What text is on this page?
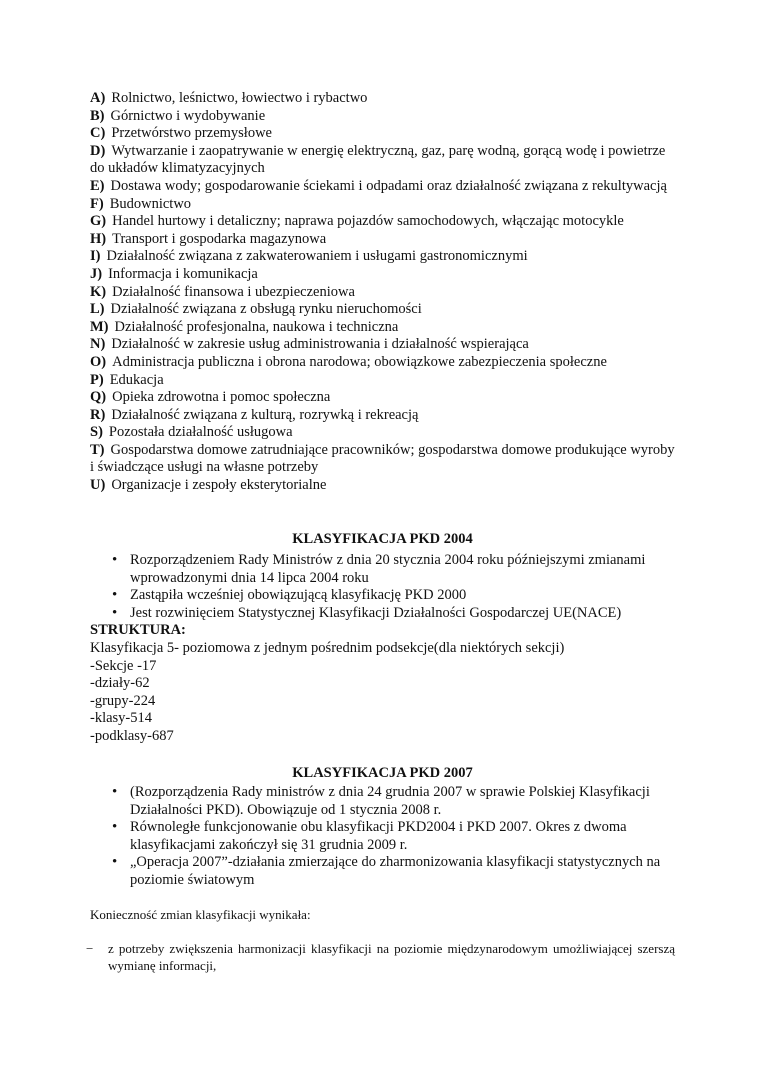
A) Rolnictwo, leśnictwo, łowiectwo i rybactwo
B) Górnictwo i wydobywanie
C) Przetwórstwo przemysłowe
D) Wytwarzanie i zaopatrywanie w energię elektryczną, gaz, parę wodną, gorącą wodę i powietrze do układów klimatyzacyjnych
E) Dostawa wody; gospodarowanie ściekami i odpadami oraz działalność związana z rekultywacją
F) Budownictwo
G) Handel hurtowy i detaliczny; naprawa pojazdów samochodowych, włączając motocykle
H) Transport i gospodarka magazynowa
I) Działalność związana z zakwaterowaniem i usługami gastronomicznymi
J) Informacja i komunikacja
K) Działalność finansowa i ubezpieczeniowa
L) Działalność związana z obsługą rynku nieruchomości
M) Działalność profesjonalna, naukowa i techniczna
N) Działalność w zakresie usług administrowania i działalność wspierająca
O) Administracja publiczna i obrona narodowa; obowiązkowe zabezpieczenia społeczne
P) Edukacja
Q) Opieka zdrowotna i pomoc społeczna
R) Działalność związana z kulturą, rozrywką i rekreacją
S) Pozostała działalność usługowa
T) Gospodarstwa domowe zatrudniające pracowników; gospodarstwa domowe produkujące wyroby i świadczące usługi na własne potrzeby
U) Organizacje i zespoły eksterytorialne
KLASYFIKACJA PKD 2004
• Rozporządzeniem Rady Ministrów z dnia 20 stycznia 2004 roku późniejszymi zmianami wprowadzonymi dnia 14 lipca 2004 roku
• Zastąpiła wcześniej obowiązującą klasyfikację PKD 2000
• Jest rozwinięciem Statystycznej Klasyfikacji Działalności Gospodarczej UE(NACE)
STRUKTURA:
Klasyfikacja 5- poziomowa z jednym pośrednim podsekcje(dla niektórych sekcji)
-Sekcje -17
-działy-62
-grupy-224
-klasy-514
-podklasy-687
KLASYFIKACJA PKD 2007
• (Rozporządzenia Rady ministrów z dnia 24 grudnia 2007 w sprawie Polskiej Klasyfikacji Działalności PKD). Obowiązuje od 1 stycznia 2008 r.
• Równoległe funkcjonowanie obu klasyfikacji PKD2004 i PKD 2007. Okres z dwoma klasyfikacjami zakończył się 31 grudnia 2009 r.
• „Operacja 2007”-działania zmierzające do zharmonizowania klasyfikacji statystycznych na poziomie światowym
Konieczność zmian klasyfikacji wynikała:
− z potrzeby zwiększenia harmonizacji klasyfikacji na poziomie międzynarodowym umożliwiającej szerszą wymianę informacji,
